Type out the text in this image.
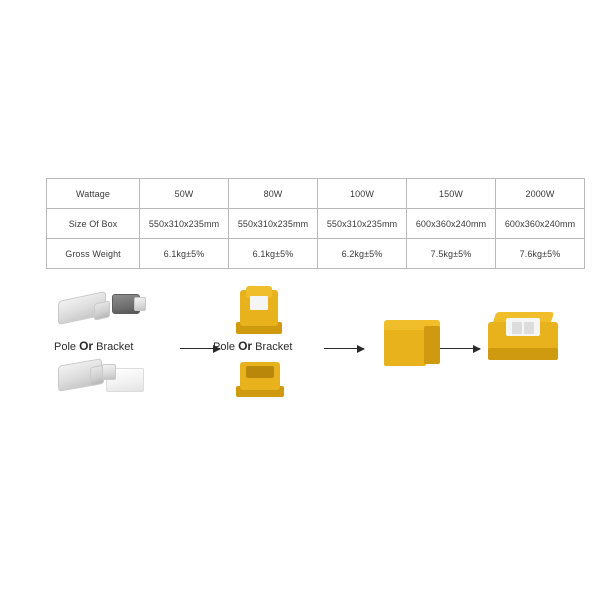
Wattage	50W	80W	100W	150W	2000W
Size Of Box	550x310x235mm	550x310x235mm	550x310x235mm	600x360x240mm	600x360x240mm
Gross Weight	6.1kg±5%	6.1kg±5%	6.2kg±5%	7.5kg±5%	7.6kg±5%
Pole Or Bracket	Pole Or Bracket
